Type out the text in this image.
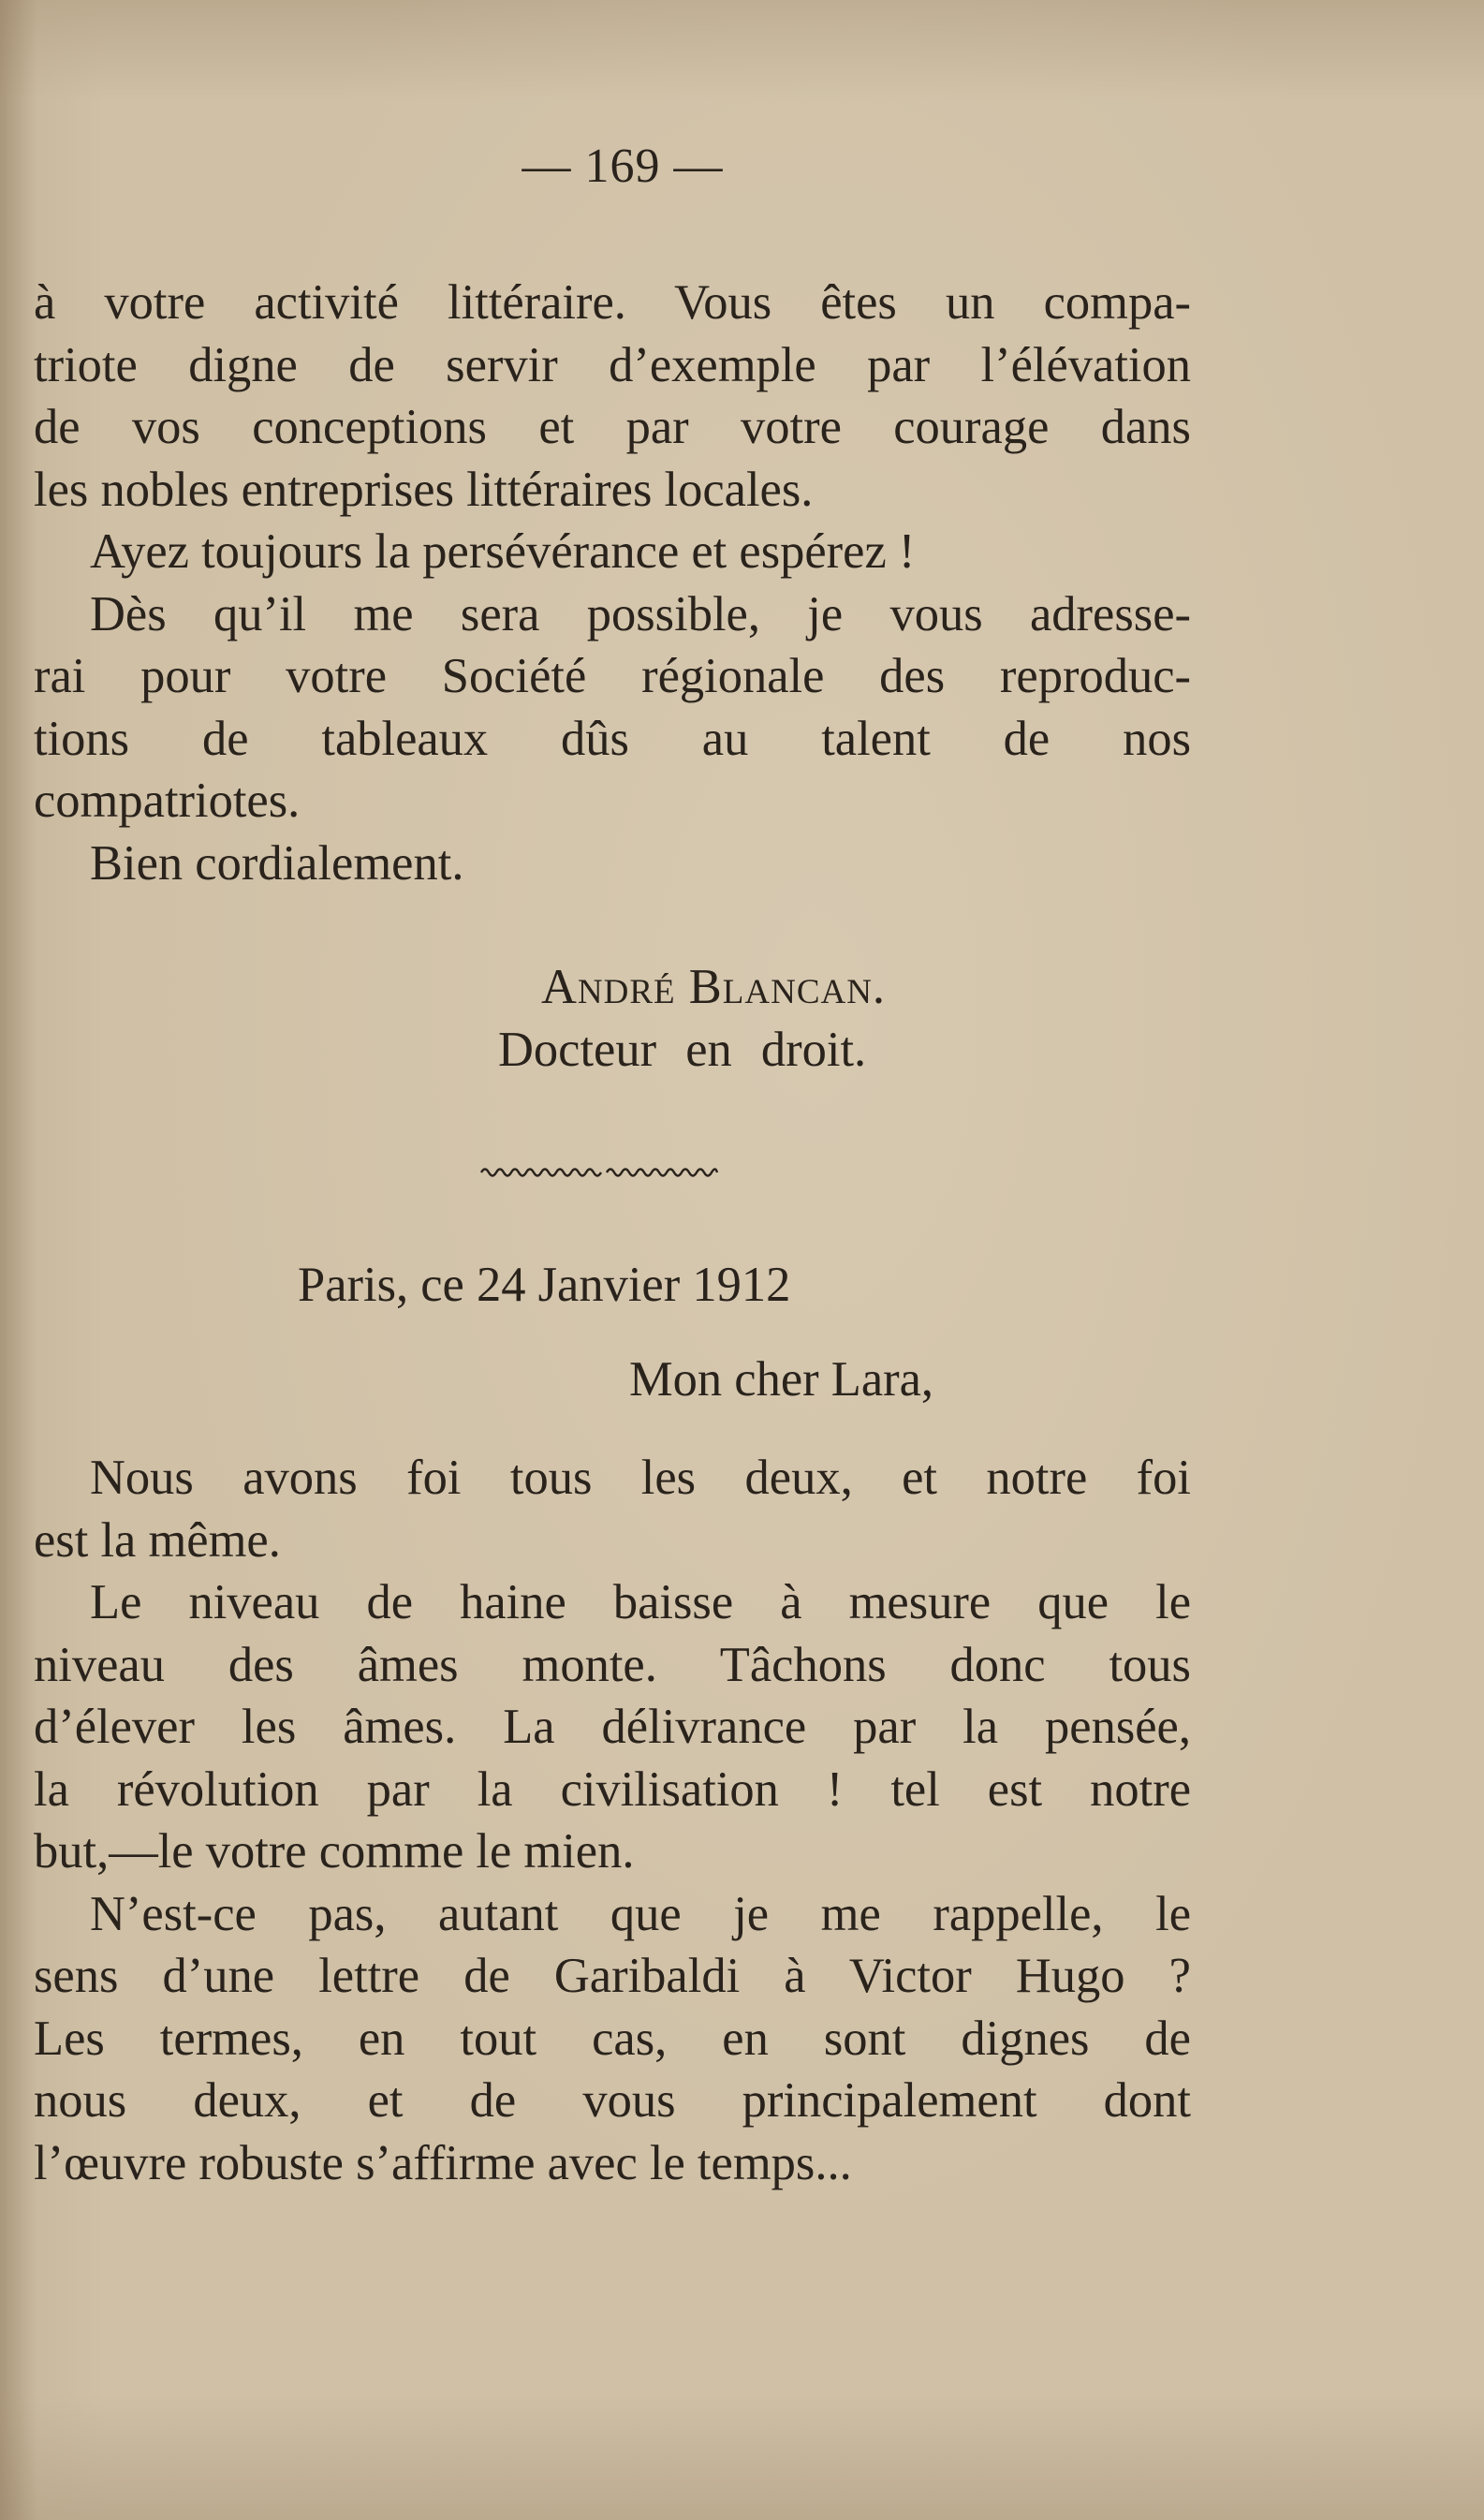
— 169 —
à votre activité littéraire. Vous êtes un compa-
triote digne de servir d’exemple par l’élévation
de vos conceptions et par votre courage dans
les nobles entreprises littéraires locales.
Ayez toujours la persévérance et espérez !
Dès qu’il me sera possible, je vous adresse-
rai pour votre Société régionale des reproduc-
tions de tableaux dûs au talent de nos
compatriotes.
Bien cordialement.
André Blancan.
Docteur en droit.
Paris, ce 24 Janvier 1912
Mon cher Lara,
Nous avons foi tous les deux, et notre foi
est la même.
Le niveau de haine baisse à mesure que le
niveau des âmes monte. Tâchons donc tous
d’élever les âmes. La délivrance par la pensée,
la révolution par la civilisation ! tel est notre
but,—le votre comme le mien.
N’est-ce pas, autant que je me rappelle, le
sens d’une lettre de Garibaldi à Victor Hugo ?
Les termes, en tout cas, en sont dignes de
nous deux, et de vous principalement dont
l’œuvre robuste s’affirme avec le temps...
